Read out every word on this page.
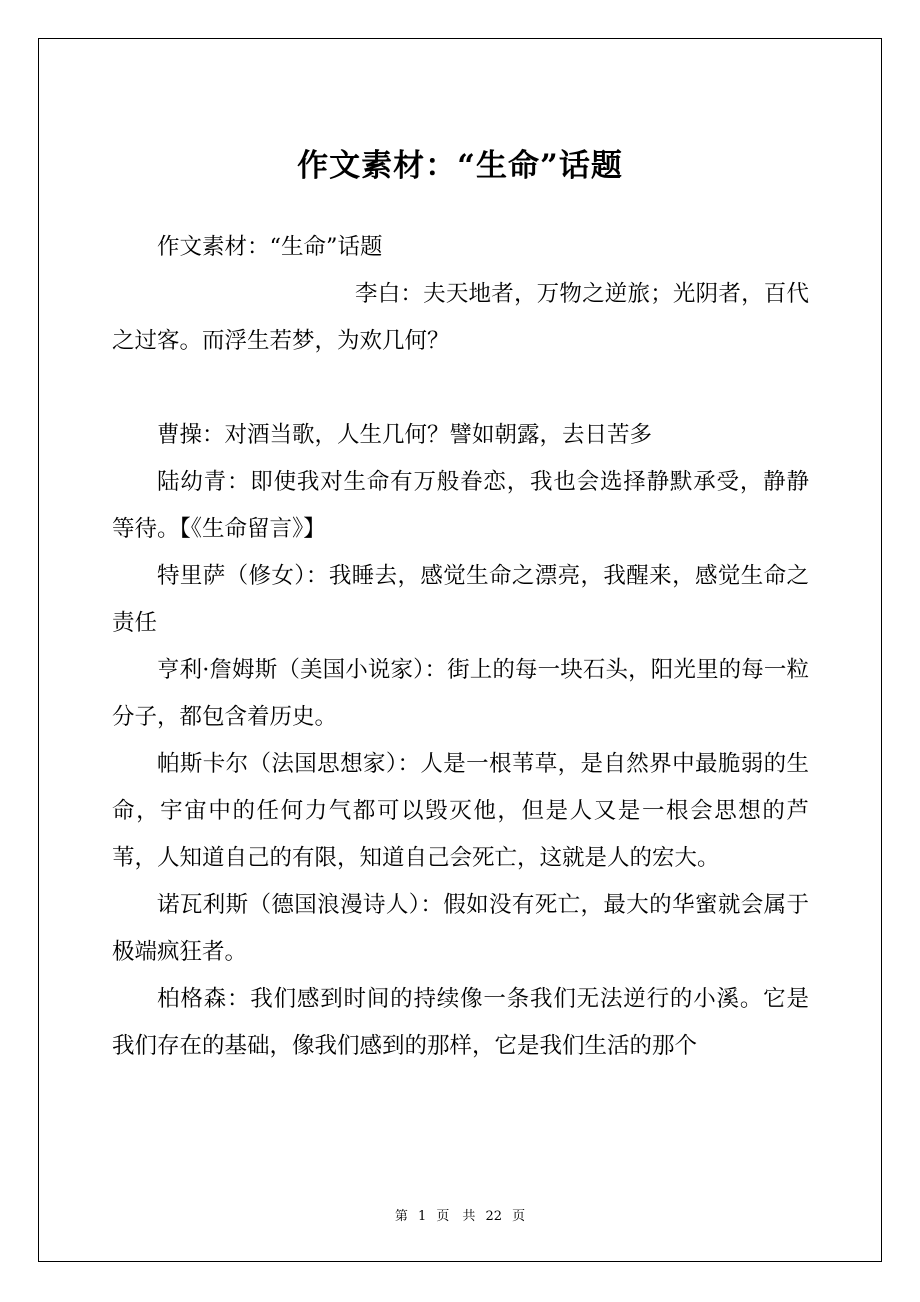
作文素材：“生命”话题

作文素材：“生命”话题

李白：夫天地者，万物之逆旅；光阴者，百代之过客。而浮生若梦，为欢几何？

曹操：对酒当歌，人生几何？譬如朝露，去日苦多

陆幼青：即使我对生命有万般眷恋，我也会选择静默承受，静静等待。【《生命留言》】

特里萨（修女）：我睡去，感觉生命之漂亮，我醒来，感觉生命之责任

亨利·詹姆斯（美国小说家）：街上的每一块石头，阳光里的每一粒分子，都包含着历史。

帕斯卡尔（法国思想家）：人是一根苇草，是自然界中最脆弱的生命，宇宙中的任何力气都可以毁灭他，但是人又是一根会思想的芦苇，人知道自己的有限，知道自己会死亡，这就是人的宏大。

诺瓦利斯（德国浪漫诗人）：假如没有死亡，最大的华蜜就会属于极端疯狂者。

柏格森：我们感到时间的持续像一条我们无法逆行的小溪。它是我们存在的基础，像我们感到的那样，它是我们生活的那个

第 1 页　共 22 页
